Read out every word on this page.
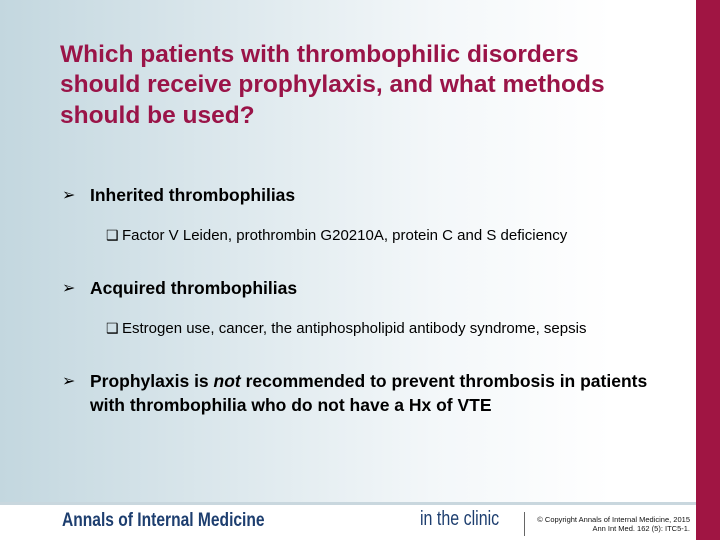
Which patients with thrombophilic disorders should receive prophylaxis, and what methods should be used?
➢ Inherited thrombophilias
❑ Factor V Leiden, prothrombin G20210A, protein C and S deficiency
➢ Acquired thrombophilias
❑ Estrogen use, cancer, the antiphospholipid antibody syndrome, sepsis
➢ Prophylaxis is not recommended to prevent thrombosis in patients with thrombophilia who do not have a Hx of VTE
Annals of Internal Medicine	in the clinic	© Copyright Annals of Internal Medicine, 2015
Ann Int Med. 162 (5): ITC5-1.
